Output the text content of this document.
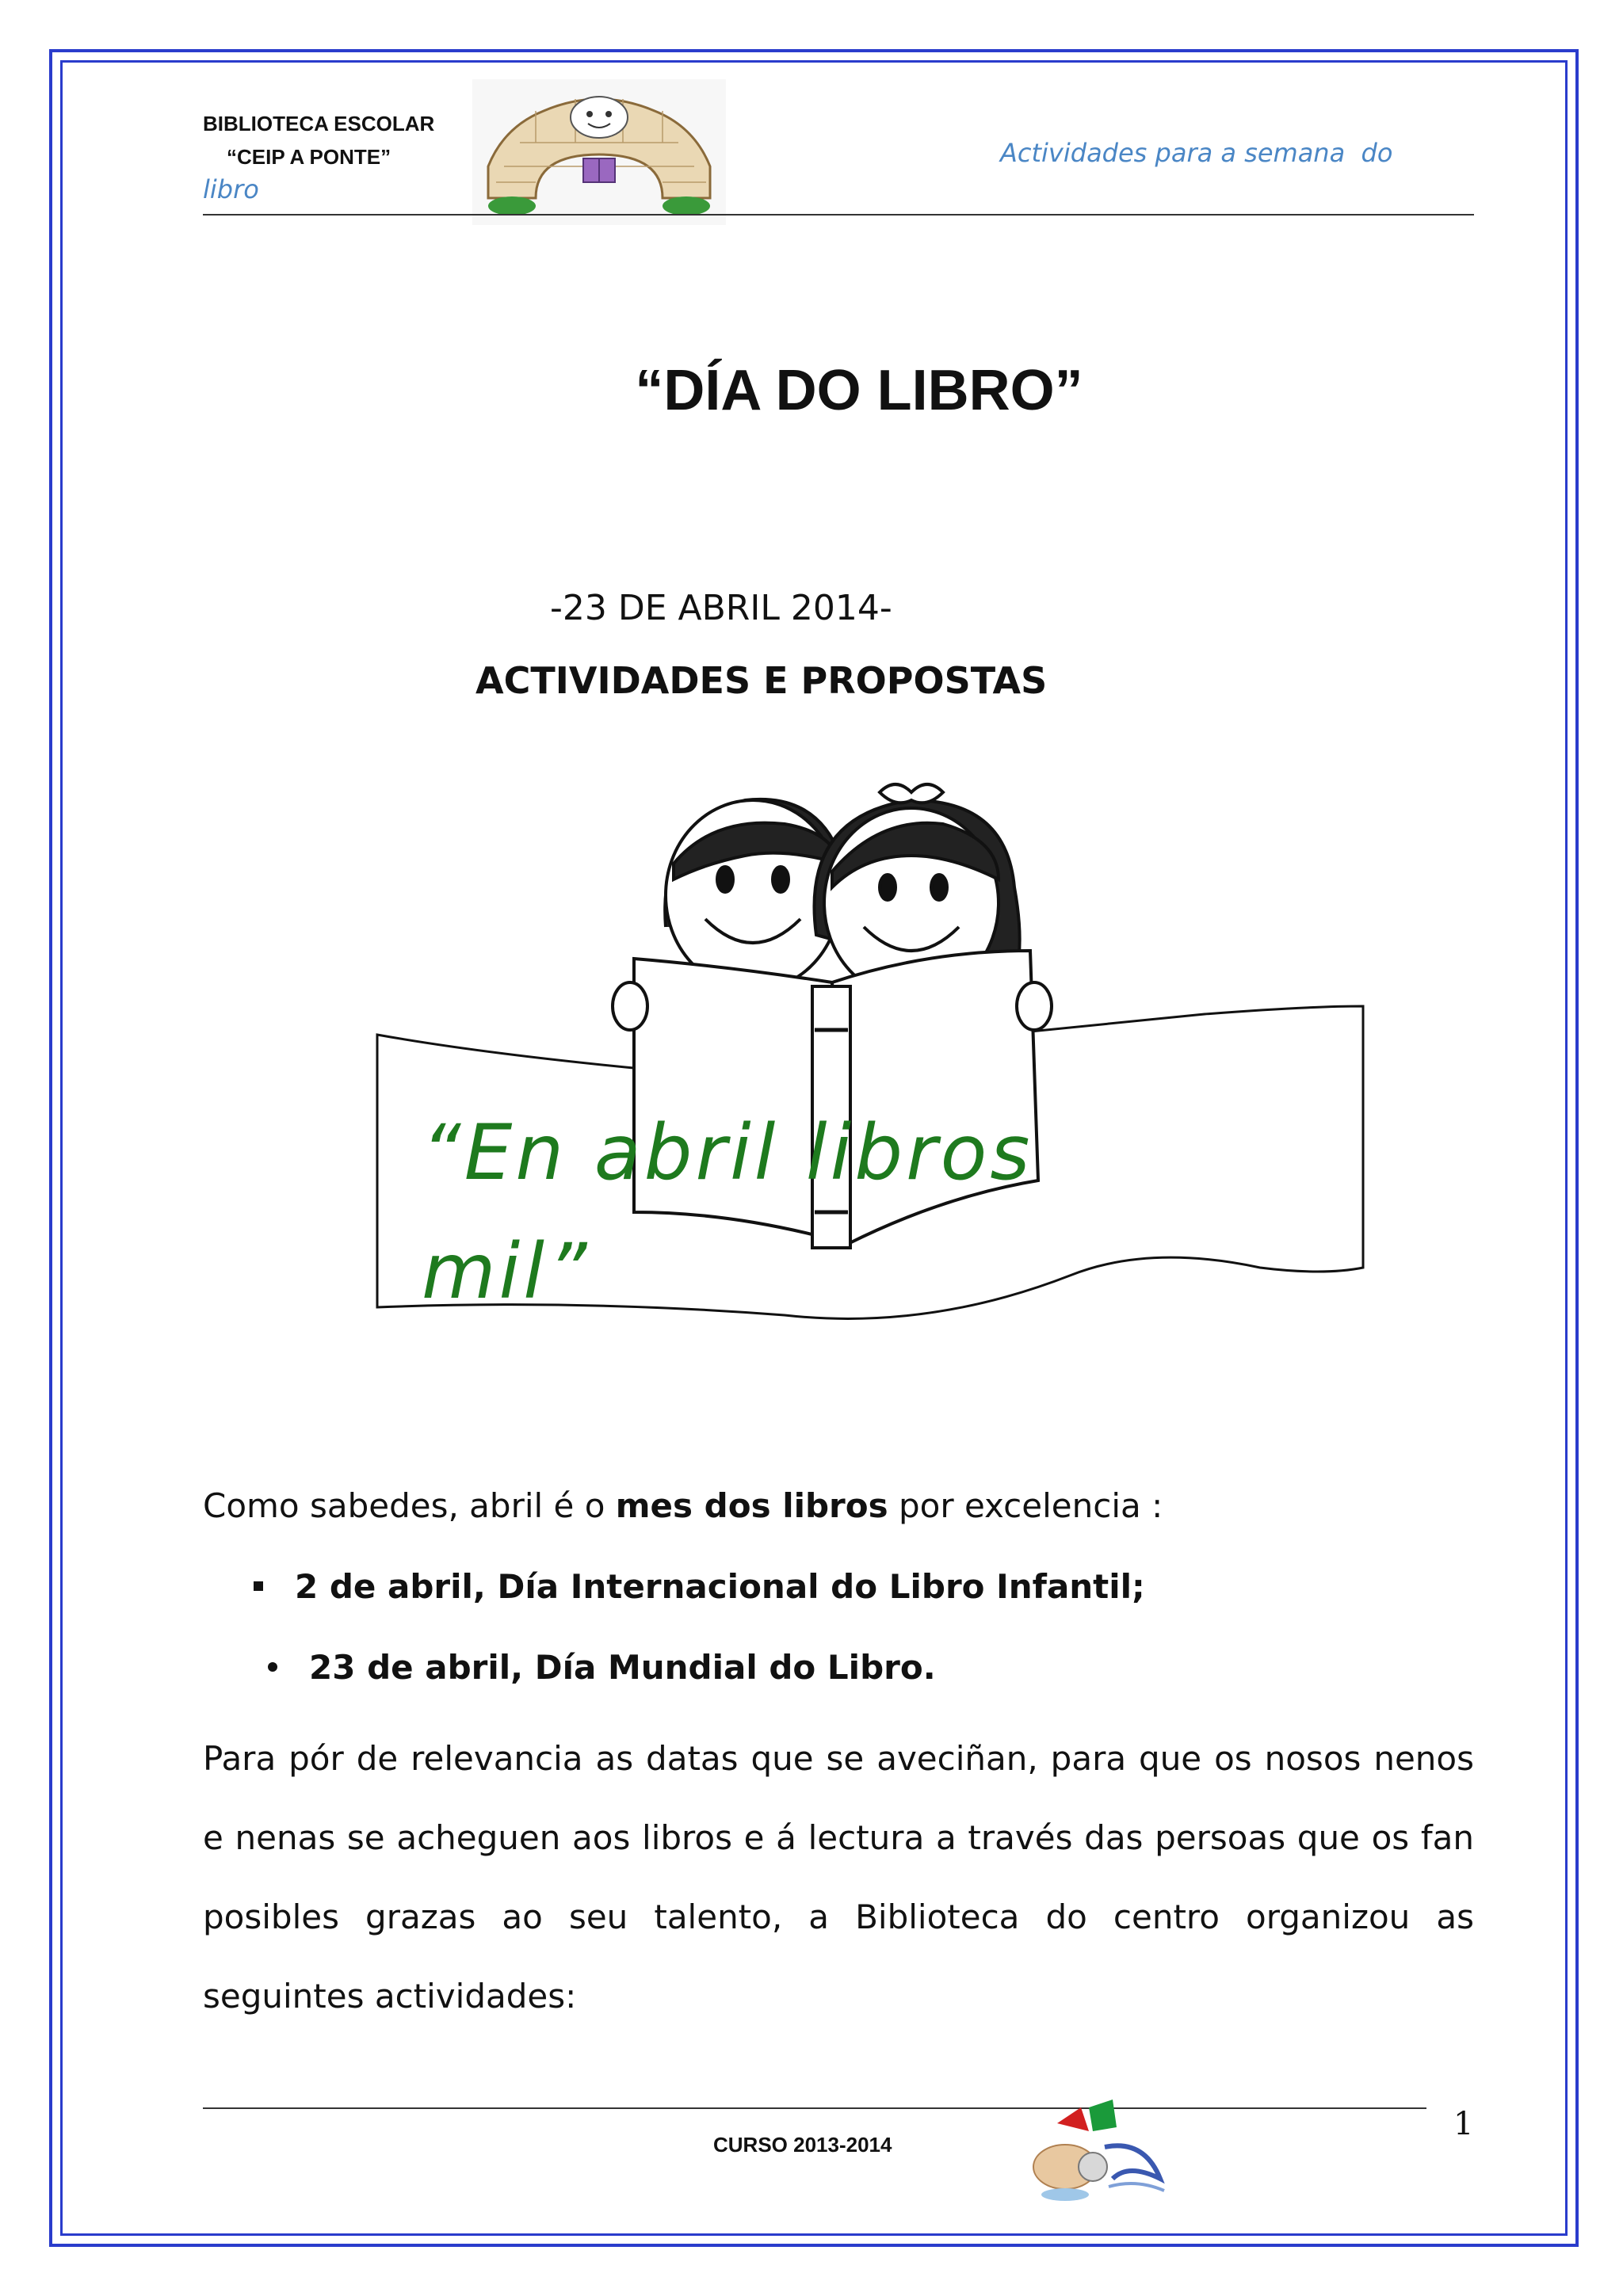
BIBLIOTECA ESCOLAR
“CEIP A PONTE”
libro
Actividades para a semana  do
“DÍA DO LIBRO”
-23 DE ABRIL 2014-
ACTIVIDADES E PROPOSTAS
“En abril libros
mil”
Como sabedes, abril é o mes dos libros por excelencia :
2 de abril, Día Internacional do Libro Infantil;
23 de abril, Día Mundial do Libro.
Para pór de relevancia as datas que se aveciñan, para que os nosos nenos e nenas se acheguen aos libros e á lectura a través das persoas que os fan posibles grazas ao seu talento, a Biblioteca do centro organizou as seguintes actividades:
1
CURSO 2013-2014
